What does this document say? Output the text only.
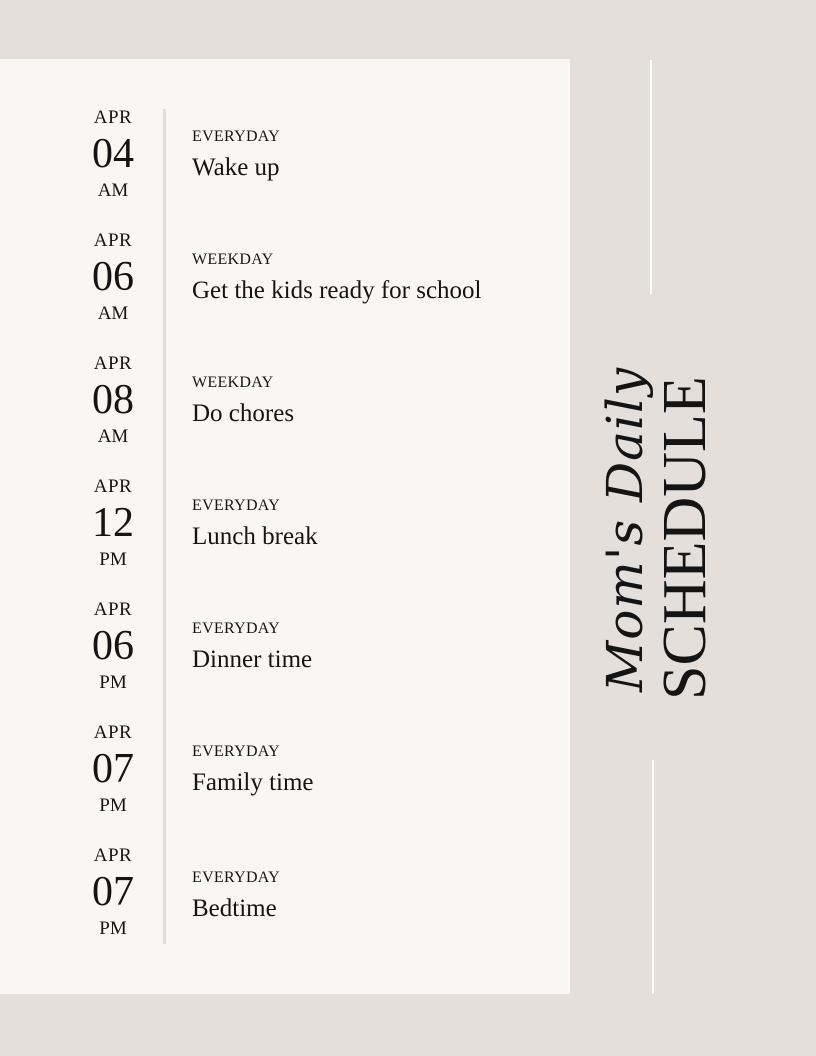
APR
04
AM
EVERYDAY
Wake up
APR
06
AM
WEEKDAY
Get the kids ready for school
APR
08
AM
WEEKDAY
Do chores
APR
12
PM
EVERYDAY
Lunch break
APR
06
PM
EVERYDAY
Dinner time
APR
07
PM
EVERYDAY
Family time
APR
07
PM
EVERYDAY
Bedtime
Mom's Daily
SCHEDULE
